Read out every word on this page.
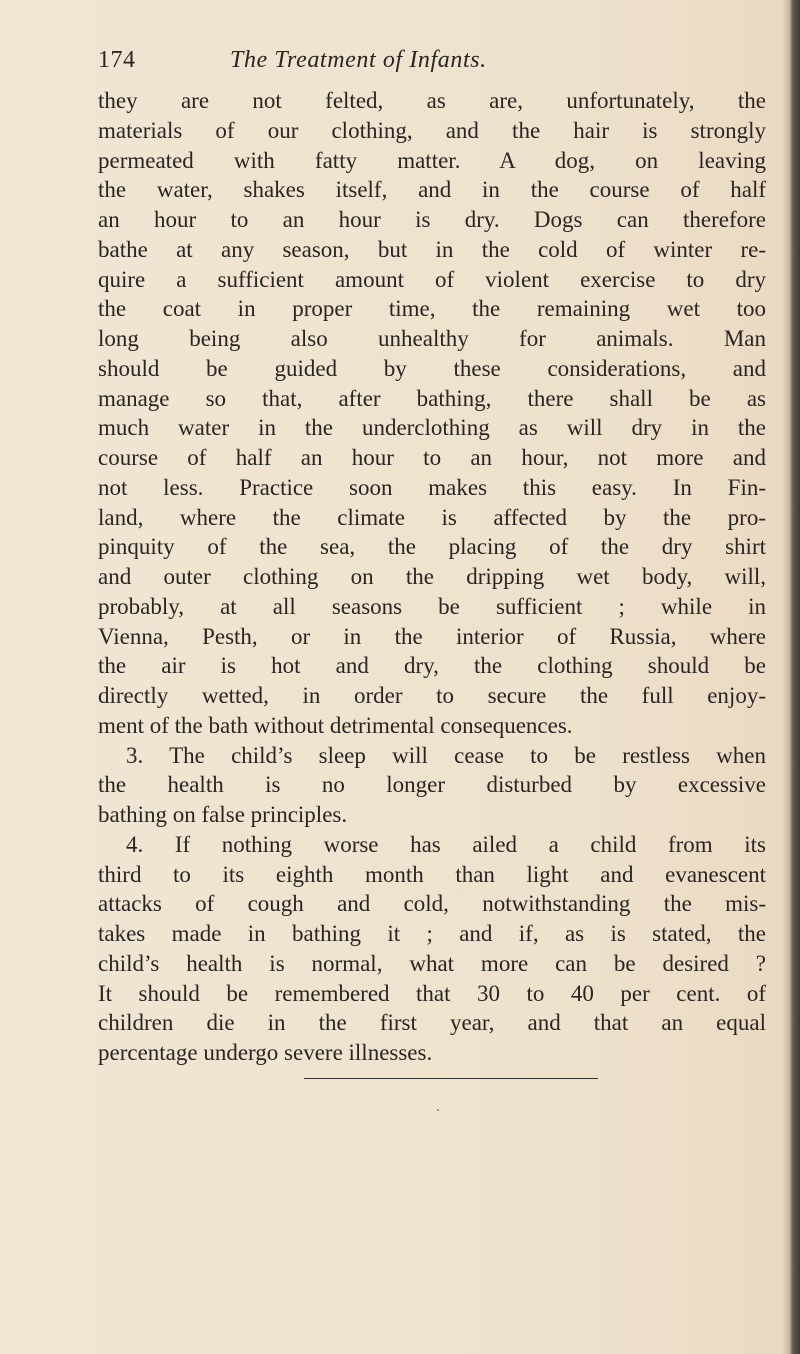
174	The Treatment of Infants.
they are not felted, as are, unfortunately, the
materials of our clothing, and the hair is strongly
permeated with fatty matter. A dog, on leaving
the water, shakes itself, and in the course of half
an hour to an hour is dry. Dogs can therefore
bathe at any season, but in the cold of winter re-
quire a sufficient amount of violent exercise to dry
the coat in proper time, the remaining wet too
long being also unhealthy for animals. Man
should be guided by these considerations, and
manage so that, after bathing, there shall be as
much water in the underclothing as will dry in the
course of half an hour to an hour, not more and
not less. Practice soon makes this easy. In Fin-
land, where the climate is affected by the pro-
pinquity of the sea, the placing of the dry shirt
and outer clothing on the dripping wet body, will,
probably, at all seasons be sufficient ; while in
Vienna, Pesth, or in the interior of Russia, where
the air is hot and dry, the clothing should be
directly wetted, in order to secure the full enjoy-
ment of the bath without detrimental consequences.
3. The child’s sleep will cease to be restless when
the health is no longer disturbed by excessive
bathing on false principles.
4. If nothing worse has ailed a child from its
third to its eighth month than light and evanescent
attacks of cough and cold, notwithstanding the mis-
takes made in bathing it ; and if, as is stated, the
child’s health is normal, what more can be desired ?
It should be remembered that 30 to 40 per cent. of
children die in the first year, and that an equal
percentage undergo severe illnesses.
